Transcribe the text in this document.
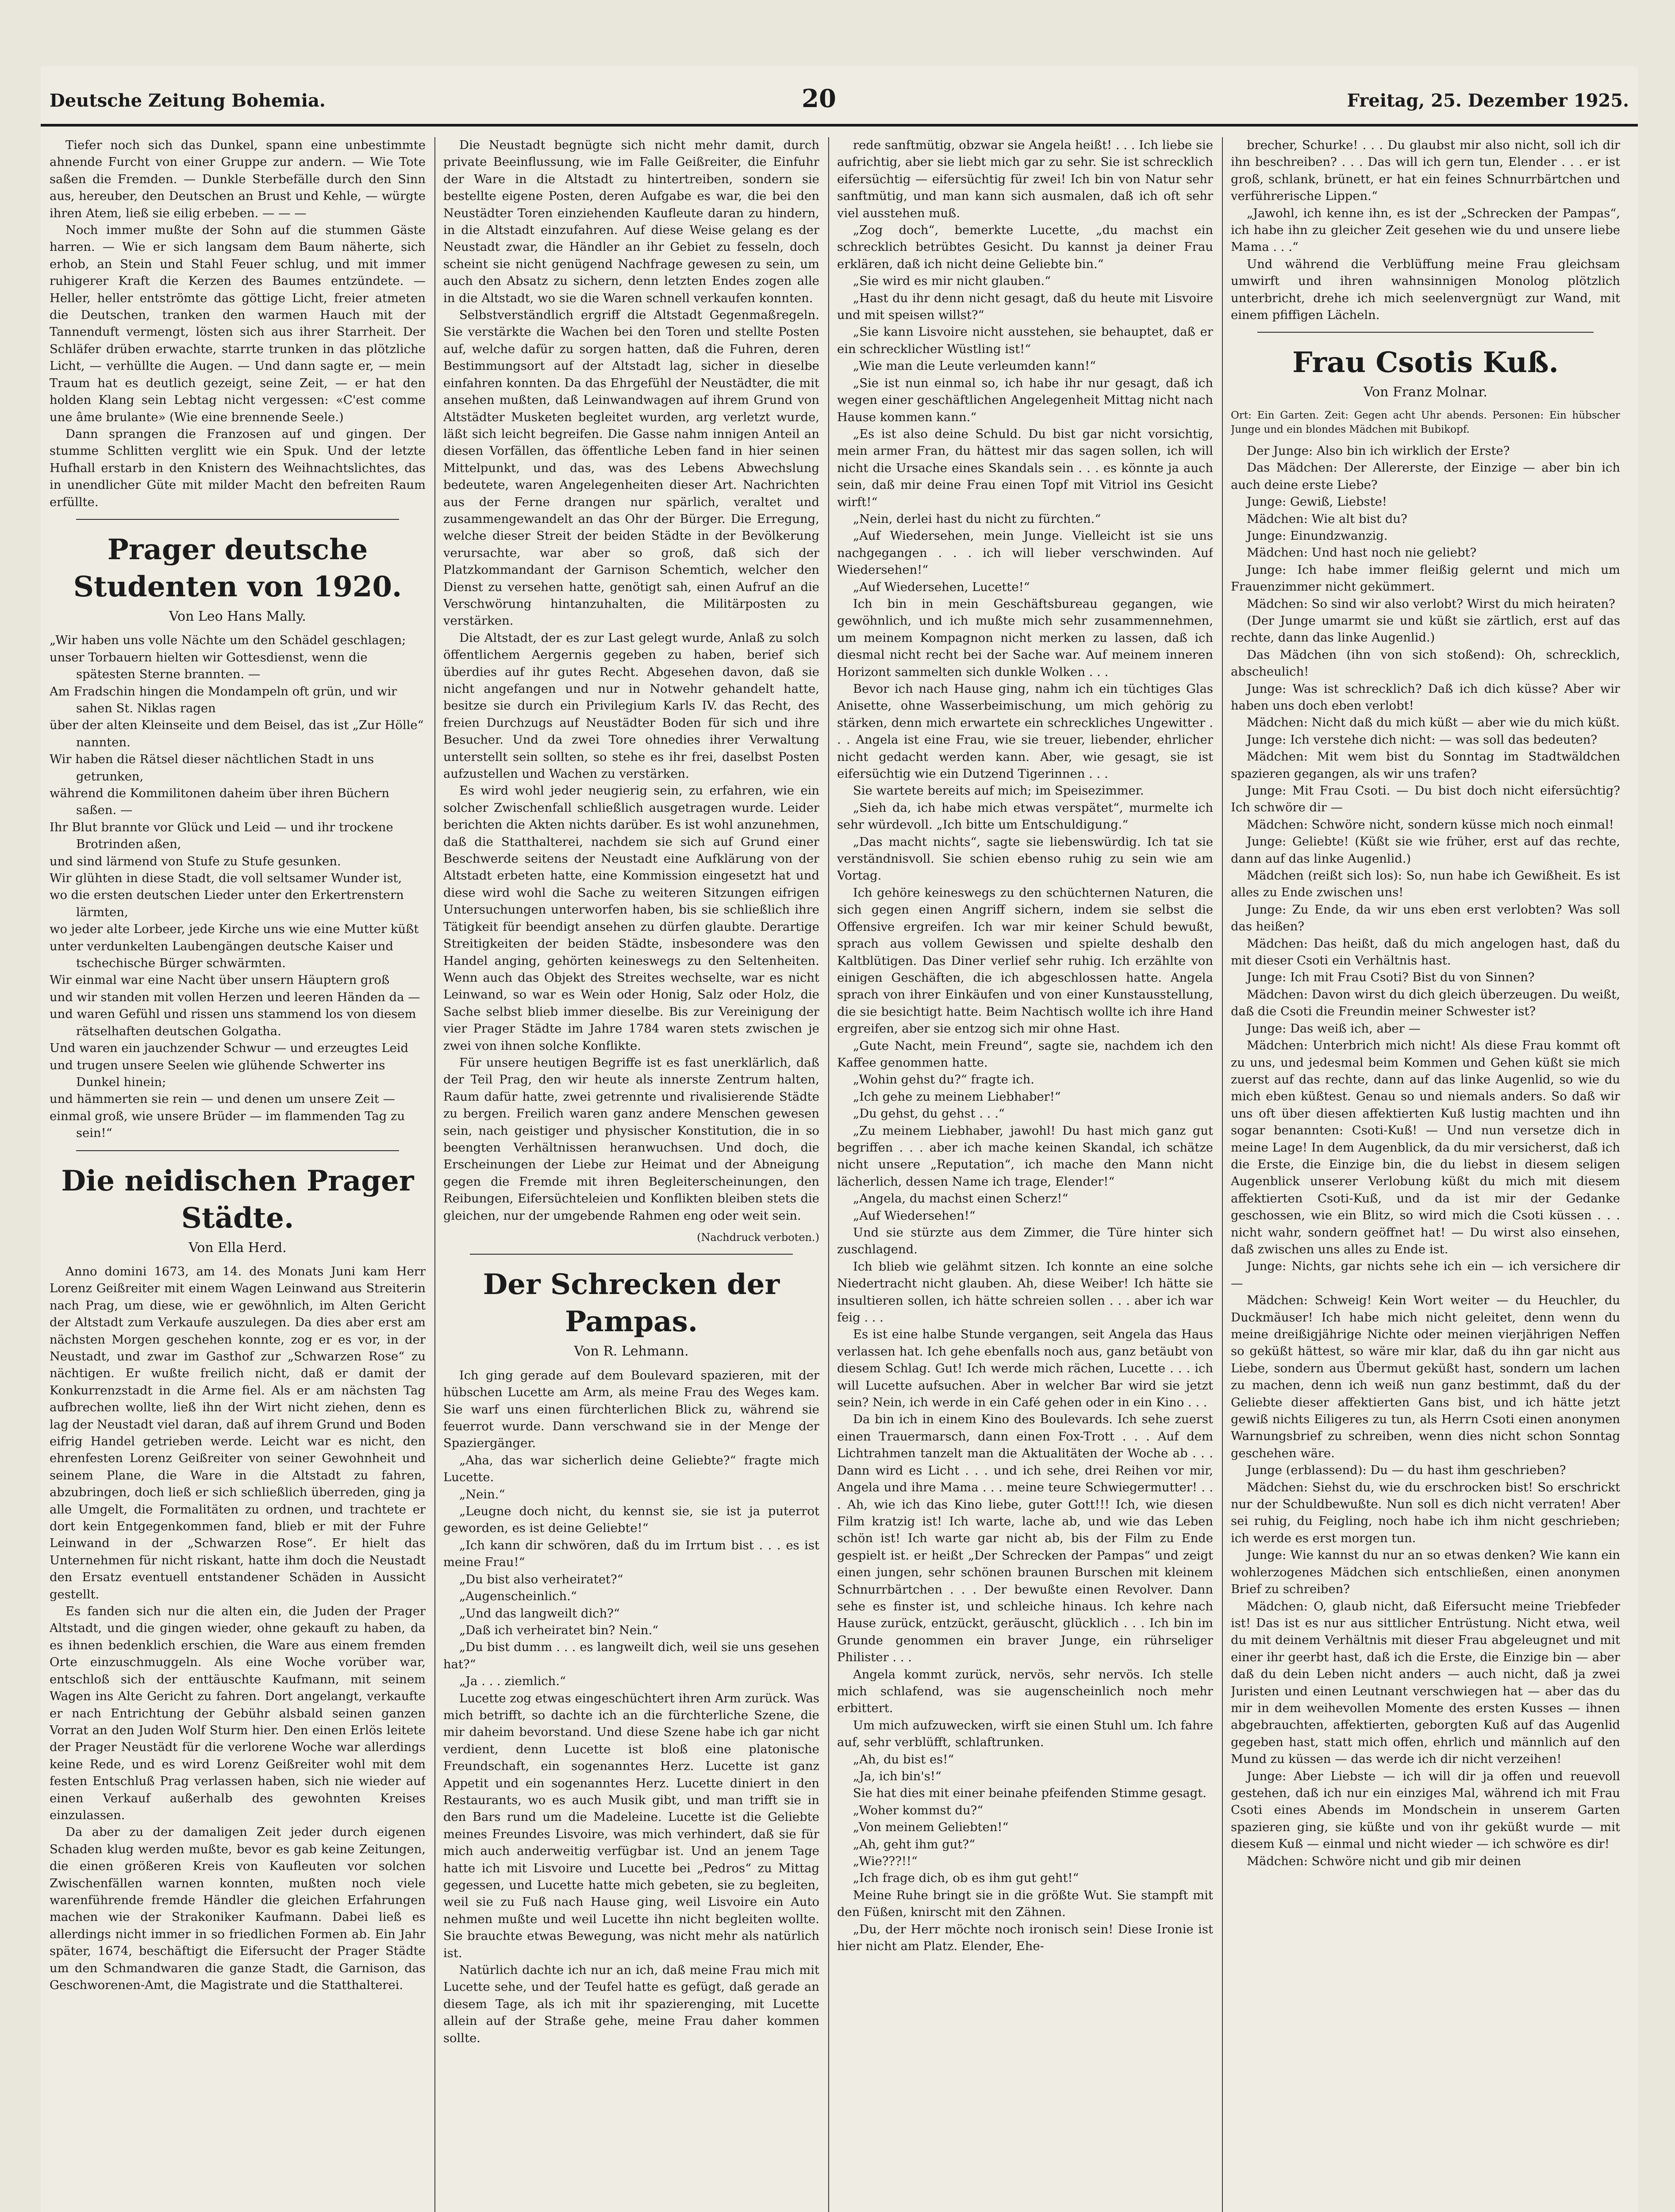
Deutsche Zeitung Bohemia.	20	Freitag, 25. Dezember 1925.

Tiefer noch sich das Dunkel, spann eine unbestimmte ahnende Furcht von einer Gruppe zur andern. — Wie Tote saßen die Fremden. — Dunkle Sterbefälle durch den Sinn aus, hereuber, den Deutschen an Brust und Kehle, — würgte ihren Atem, ließ sie eilig erbeben. — — —

Noch immer mußte der Sohn auf die stummen Gäste harren. — Wie er sich langsam dem Baum näherte, sich erhob, an Stein und Stahl Feuer schlug, und mit immer ruhigerer Kraft die Kerzen des Baumes entzündete. — Heller, heller entströmte das göttige Licht, freier atmeten die Deutschen, tranken den warmen Hauch mit der Tannenduft vermengt, lösten sich aus ihrer Starrheit. Der Schläfer drüben erwachte, starrte trunken in das plötzliche Licht, — verhüllte die Augen. — Und dann sagte er, — mein Traum hat es deutlich gezeigt, seine Zeit, — er hat den holden Klang sein Lebtag nicht vergessen: «C'est comme une âme brulante» (Wie eine brennende Seele.)

Dann sprangen die Franzosen auf und gingen. Der stumme Schlitten verglitt wie ein Spuk. Und der letzte Hufhall erstarb in den Knistern des Weihnachtslichtes, das in unendlicher Güte mit milder Macht den befreiten Raum erfüllte.

Prager deutsche Studenten von 1920.
Von Leo Hans Mally.

„Wir haben uns volle Nächte um den Schädel geschlagen;

unser Torbauern hielten wir Gottesdienst, wenn die spätesten Sterne brannten. —

Am Fradschin hingen die Mondampeln oft grün, und wir sahen St. Niklas ragen

über der alten Kleinseite und dem Beisel, das ist „Zur Hölle“ nannten.

Wir haben die Rätsel dieser nächtlichen Stadt in uns getrunken,

während die Kommilitonen daheim über ihren Büchern saßen. —

Ihr Blut brannte vor Glück und Leid — und ihr trockene Brotrinden aßen,

und sind lärmend von Stufe zu Stufe gesunken.

Wir glühten in diese Stadt, die voll seltsamer Wunder ist,

wo die ersten deutschen Lieder unter den Erkertrenstern lärmten,

wo jeder alte Lorbeer, jede Kirche uns wie eine Mutter küßt

unter verdunkelten Laubengängen deutsche Kaiser und tschechische Bürger schwärmten.

Wir einmal war eine Nacht über unsern Häuptern groß

und wir standen mit vollen Herzen und leeren Händen da —

und waren Gefühl und rissen uns stammend los von diesem rätselhaften deutschen Golgatha.

Und waren ein jauchzender Schwur — und erzeugtes Leid

und trugen unsere Seelen wie glühende Schwerter ins Dunkel hinein;

und hämmerten sie rein — und denen um unsere Zeit —

einmal groß, wie unsere Brüder — im flammenden Tag zu sein!“

Die neidischen Prager Städte.
Von Ella Herd.

Anno domini 1673, am 14. des Monats Juni kam Herr Lorenz Geißreiter mit einem Wagen Leinwand aus Streiterin nach Prag, um diese, wie er gewöhnlich, im Alten Gericht der Altstadt zum Verkaufe auszulegen. Da dies aber erst am nächsten Morgen geschehen konnte, zog er es vor, in der Neustadt, und zwar im Gasthof zur „Schwarzen Rose“ zu nächtigen. Er wußte freilich nicht, daß er damit der Konkurrenzstadt in die Arme fiel. Als er am nächsten Tag aufbrechen wollte, ließ ihn der Wirt nicht ziehen, denn es lag der Neustadt viel daran, daß auf ihrem Grund und Boden eifrig Handel getrieben werde. Leicht war es nicht, den ehrenfesten Lorenz Geißreiter von seiner Gewohnheit und seinem Plane, die Ware in die Altstadt zu fahren, abzubringen, doch ließ er sich schließlich überreden, ging ja alle Umgelt, die Formalitäten zu ordnen, und trachtete er dort kein Entgegenkommen fand, blieb er mit der Fuhre Leinwand in der „Schwarzen Rose“. Er hielt das Unternehmen für nicht riskant, hatte ihm doch die Neustadt den Ersatz eventuell entstandener Schäden in Aussicht gestellt.

Es fanden sich nur die alten ein, die Juden der Prager Altstadt, und die gingen wieder, ohne gekauft zu haben, da es ihnen bedenklich erschien, die Ware aus einem fremden Orte einzuschmuggeln. Als eine Woche vorüber war, entschloß sich der enttäuschte Kaufmann, mit seinem Wagen ins Alte Gericht zu fahren. Dort angelangt, verkaufte er nach Entrichtung der Gebühr alsbald seinen ganzen Vorrat an den Juden Wolf Sturm hier. Den einen Erlös leitete der Prager Neustädt für die verlorene Woche war allerdings keine Rede, und es wird Lorenz Geißreiter wohl mit dem festen Entschluß Prag verlassen haben, sich nie wieder auf einen Verkauf außerhalb des gewohnten Kreises einzulassen.

Da aber zu der damaligen Zeit jeder durch eigenen Schaden klug werden mußte, bevor es gab keine Zeitungen, die einen größeren Kreis von Kaufleuten vor solchen Zwischenfällen warnen konnten, mußten noch viele warenführende fremde Händler die gleichen Erfahrungen machen wie der Strakoniker Kaufmann. Dabei ließ es allerdings nicht immer in so friedlichen Formen ab. Ein Jahr später, 1674, beschäftigt die Eifersucht der Prager Städte um den Schmandwaren die ganze Stadt, die Garnison, das Geschworenen-Amt, die Magistrate und die Statthalterei.

Die Neustadt begnügte sich nicht mehr damit, durch private Beeinflussung, wie im Falle Geißreiter, die Einfuhr der Ware in die Altstadt zu hintertreiben, sondern sie bestellte eigene Posten, deren Aufgabe es war, die bei den Neustädter Toren einziehenden Kaufleute daran zu hindern, in die Altstadt einzufahren. Auf diese Weise gelang es der Neustadt zwar, die Händler an ihr Gebiet zu fesseln, doch scheint sie nicht genügend Nachfrage gewesen zu sein, um auch den Absatz zu sichern, denn letzten Endes zogen alle in die Altstadt, wo sie die Waren schnell verkaufen konnten.

Selbstverständlich ergriff die Altstadt Gegenmaßregeln. Sie verstärkte die Wachen bei den Toren und stellte Posten auf, welche dafür zu sorgen hatten, daß die Fuhren, deren Bestimmungsort auf der Altstadt lag, sicher in dieselbe einfahren konnten. Da das Ehrgefühl der Neustädter, die mit ansehen mußten, daß Leinwandwagen auf ihrem Grund von Altstädter Musketen begleitet wurden, arg verletzt wurde, läßt sich leicht begreifen. Die Gasse nahm innigen Anteil an diesen Vorfällen, das öffentliche Leben fand in hier seinen Mittelpunkt, und das, was des Lebens Abwechslung bedeutete, waren Angelegenheiten dieser Art. Nachrichten aus der Ferne drangen nur spärlich, veraltet und zusammengewandelt an das Ohr der Bürger. Die Erregung, welche dieser Streit der beiden Städte in der Bevölkerung verursachte, war aber so groß, daß sich der Platzkommandant der Garnison Schemtich, welcher den Dienst zu versehen hatte, genötigt sah, einen Aufruf an die Verschwörung hintanzuhalten, die Militärposten zu verstärken.

Die Altstadt, der es zur Last gelegt wurde, Anlaß zu solch öffentlichem Aergernis gegeben zu haben, berief sich überdies auf ihr gutes Recht. Abgesehen davon, daß sie nicht angefangen und nur in Notwehr gehandelt hatte, besitze sie durch ein Privilegium Karls IV. das Recht, des freien Durchzugs auf Neustädter Boden für sich und ihre Besucher. Und da zwei Tore ohnedies ihrer Verwaltung unterstellt sein sollten, so stehe es ihr frei, daselbst Posten aufzustellen und Wachen zu verstärken.

Es wird wohl jeder neugierig sein, zu erfahren, wie ein solcher Zwischenfall schließlich ausgetragen wurde. Leider berichten die Akten nichts darüber. Es ist wohl anzunehmen, daß die Statthalterei, nachdem sie sich auf Grund einer Beschwerde seitens der Neustadt eine Aufklärung von der Altstadt erbeten hatte, eine Kommission eingesetzt hat und diese wird wohl die Sache zu weiteren Sitzungen eifrigen Untersuchungen unterworfen haben, bis sie schließlich ihre Tätigkeit für beendigt ansehen zu dürfen glaubte. Derartige Streitigkeiten der beiden Städte, insbesondere was den Handel anging, gehörten keineswegs zu den Seltenheiten. Wenn auch das Objekt des Streites wechselte, war es nicht Leinwand, so war es Wein oder Honig, Salz oder Holz, die Sache selbst blieb immer dieselbe. Bis zur Vereinigung der vier Prager Städte im Jahre 1784 waren stets zwischen je zwei von ihnen solche Konflikte.

Für unsere heutigen Begriffe ist es fast unerklärlich, daß der Teil Prag, den wir heute als innerste Zentrum halten, Raum dafür hatte, zwei getrennte und rivalisierende Städte zu bergen. Freilich waren ganz andere Menschen gewesen sein, nach geistiger und physischer Konstitution, die in so beengten Verhältnissen heranwuchsen. Und doch, die Erscheinungen der Liebe zur Heimat und der Abneigung gegen die Fremde mit ihren Begleiterscheinungen, den Reibungen, Eifersüchteleien und Konflikten bleiben stets die gleichen, nur der umgebende Rahmen eng oder weit sein.

(Nachdruck verboten.)
Der Schrecken der Pampas.
Von R. Lehmann.

Ich ging gerade auf dem Boulevard spazieren, mit der hübschen Lucette am Arm, als meine Frau des Weges kam. Sie warf uns einen fürchterlichen Blick zu, während sie feuerrot wurde. Dann verschwand sie in der Menge der Spaziergänger.

„Aha, das war sicherlich deine Geliebte?“ fragte mich Lucette.

„Nein.“

„Leugne doch nicht, du kennst sie, sie ist ja puterrot geworden, es ist deine Geliebte!“

„Ich kann dir schwören, daß du im Irrtum bist . . . es ist meine Frau!“

„Du bist also verheiratet?“

„Augenscheinlich.“

„Und das langweilt dich?“

„Daß ich verheiratet bin? Nein.“

„Du bist dumm . . . es langweilt dich, weil sie uns gesehen hat?“

„Ja . . . ziemlich.“

Lucette zog etwas eingeschüchtert ihren Arm zurück. Was mich betrifft, so dachte ich an die fürchterliche Szene, die mir daheim bevorstand. Und diese Szene habe ich gar nicht verdient, denn Lucette ist bloß eine platonische Freundschaft, ein sogenanntes Herz. Lucette ist ganz Appetit und ein sogenanntes Herz. Lucette diniert in den Restaurants, wo es auch Musik gibt, und man trifft sie in den Bars rund um die Madeleine. Lucette ist die Geliebte meines Freundes Lisvoire, was mich verhindert, daß sie für mich auch anderweitig verfügbar ist. Und an jenem Tage hatte ich mit Lisvoire und Lucette bei „Pedros“ zu Mittag gegessen, und Lucette hatte mich gebeten, sie zu begleiten, weil sie zu Fuß nach Hause ging, weil Lisvoire ein Auto nehmen mußte und weil Lucette ihn nicht begleiten wollte. Sie brauchte etwas Bewegung, was nicht mehr als natürlich ist.

Natürlich dachte ich nur an ich, daß meine Frau mich mit Lucette sehe, und der Teufel hatte es gefügt, daß gerade an diesem Tage, als ich mit ihr spazierenging, mit Lucette allein auf der Straße gehe, meine Frau daher kommen sollte.

rede sanftmütig, obzwar sie Angela heißt! . . . Ich liebe sie aufrichtig, aber sie liebt mich gar zu sehr. Sie ist schrecklich eifersüchtig — eifersüchtig für zwei! Ich bin von Natur sehr sanftmütig, und man kann sich ausmalen, daß ich oft sehr viel ausstehen muß.

„Zog doch“, bemerkte Lucette, „du machst ein schrecklich betrübtes Gesicht. Du kannst ja deiner Frau erklären, daß ich nicht deine Geliebte bin.“

„Sie wird es mir nicht glauben.“

„Hast du ihr denn nicht gesagt, daß du heute mit Lisvoire und mit speisen willst?“

„Sie kann Lisvoire nicht ausstehen, sie behauptet, daß er ein schrecklicher Wüstling ist!“

„Wie man die Leute verleumden kann!“

„Sie ist nun einmal so, ich habe ihr nur gesagt, daß ich wegen einer geschäftlichen Angelegenheit Mittag nicht nach Hause kommen kann.“

„Es ist also deine Schuld. Du bist gar nicht vorsichtig, mein armer Fran, du hättest mir das sagen sollen, ich will nicht die Ursache eines Skandals sein . . . es könnte ja auch sein, daß mir deine Frau einen Topf mit Vitriol ins Gesicht wirft!“

„Nein, derlei hast du nicht zu fürchten.“

„Auf Wiedersehen, mein Junge. Vielleicht ist sie uns nachgegangen . . . ich will lieber verschwinden. Auf Wiedersehen!“

„Auf Wiedersehen, Lucette!“

Ich bin in mein Geschäftsbureau gegangen, wie gewöhnlich, und ich mußte mich sehr zusammennehmen, um meinem Kompagnon nicht merken zu lassen, daß ich diesmal nicht recht bei der Sache war. Auf meinem inneren Horizont sammelten sich dunkle Wolken . . .

Bevor ich nach Hause ging, nahm ich ein tüchtiges Glas Anisette, ohne Wasserbeimischung, um mich gehörig zu stärken, denn mich erwartete ein schreckliches Ungewitter . . . Angela ist eine Frau, wie sie treuer, liebender, ehrlicher nicht gedacht werden kann. Aber, wie gesagt, sie ist eifersüchtig wie ein Dutzend Tigerinnen . . .

Sie wartete bereits auf mich; im Speisezimmer.

„Sieh da, ich habe mich etwas verspätet“, murmelte ich sehr würdevoll. „Ich bitte um Entschuldigung.“

„Das macht nichts“, sagte sie liebenswürdig. Ich tat sie verständnisvoll. Sie schien ebenso ruhig zu sein wie am Vortag.

Ich gehöre keineswegs zu den schüchternen Naturen, die sich gegen einen Angriff sichern, indem sie selbst die Offensive ergreifen. Ich war mir keiner Schuld bewußt, sprach aus vollem Gewissen und spielte deshalb den Kaltblütigen. Das Diner verlief sehr ruhig. Ich erzählte von einigen Geschäften, die ich abgeschlossen hatte. Angela sprach von ihrer Einkäufen und von einer Kunstausstellung, die sie besichtigt hatte. Beim Nachtisch wollte ich ihre Hand ergreifen, aber sie entzog sich mir ohne Hast.

„Gute Nacht, mein Freund“, sagte sie, nachdem ich den Kaffee genommen hatte.

„Wohin gehst du?“ fragte ich.

„Ich gehe zu meinem Liebhaber!“

„Du gehst, du gehst . . .“

„Zu meinem Liebhaber, jawohl! Du hast mich ganz gut begriffen . . . aber ich mache keinen Skandal, ich schätze nicht unsere „Reputation“, ich mache den Mann nicht lächerlich, dessen Name ich trage, Elender!“

„Angela, du machst einen Scherz!“

„Auf Wiedersehen!“

Und sie stürzte aus dem Zimmer, die Türe hinter sich zuschlagend.

Ich blieb wie gelähmt sitzen. Ich konnte an eine solche Niedertracht nicht glauben. Ah, diese Weiber! Ich hätte sie insultieren sollen, ich hätte schreien sollen . . . aber ich war feig . . .

Es ist eine halbe Stunde vergangen, seit Angela das Haus verlassen hat. Ich gehe ebenfalls noch aus, ganz betäubt von diesem Schlag. Gut! Ich werde mich rächen, Lucette . . . ich will Lucette aufsuchen. Aber in welcher Bar wird sie jetzt sein? Nein, ich werde in ein Café gehen oder in ein Kino . . .

Da bin ich in einem Kino des Boulevards. Ich sehe zuerst einen Trauermarsch, dann einen Fox-Trott . . . Auf dem Lichtrahmen tanzelt man die Aktualitäten der Woche ab . . . Dann wird es Licht . . . und ich sehe, drei Reihen vor mir, Angela und ihre Mama . . . meine teure Schwiegermutter! . . . Ah, wie ich das Kino liebe, guter Gott!!! Ich, wie diesen Film kratzig ist! Ich warte, lache ab, und wie das Leben schön ist! Ich warte gar nicht ab, bis der Film zu Ende gespielt ist. er heißt „Der Schrecken der Pampas“ und zeigt einen jungen, sehr schönen braunen Burschen mit kleinem Schnurrbärtchen . . . Der bewußte einen Revolver. Dann sehe es finster ist, und schleiche hinaus. Ich kehre nach Hause zurück, entzückt, geräuscht, glücklich . . . Ich bin im Grunde genommen ein braver Junge, ein rührseliger Philister . . .

Angela kommt zurück, nervös, sehr nervös. Ich stelle mich schlafend, was sie augenscheinlich noch mehr erbittert.

Um mich aufzuwecken, wirft sie einen Stuhl um. Ich fahre auf, sehr verblüfft, schlaftrunken.

„Ah, du bist es!“

„Ja, ich bin's!“

Sie hat dies mit einer beinahe pfeifenden Stimme gesagt.

„Woher kommst du?“

„Von meinem Geliebten!“

„Ah, geht ihm gut?“

„Wie???!!“

„Ich frage dich, ob es ihm gut geht!“

Meine Ruhe bringt sie in die größte Wut. Sie stampft mit den Füßen, knirscht mit den Zähnen.

„Du, der Herr möchte noch ironisch sein! Diese Ironie ist hier nicht am Platz. Elender, Ehe-

brecher, Schurke! . . . Du glaubst mir also nicht, soll ich dir ihn beschreiben? . . . Das will ich gern tun, Elender . . . er ist groß, schlank, brünett, er hat ein feines Schnurrbärtchen und verführerische Lippen.“

„Jawohl, ich kenne ihn, es ist der „Schrecken der Pampas“, ich habe ihn zu gleicher Zeit gesehen wie du und unsere liebe Mama . . .“

Und während die Verblüffung meine Frau gleichsam umwirft und ihren wahnsinnigen Monolog plötzlich unterbricht, drehe ich mich seelenvergnügt zur Wand, mit einem pfiffigen Lächeln.

Frau Csotis Kuß.
Von Franz Molnar.

Ort: Ein Garten. Zeit: Gegen acht Uhr abends. Personen: Ein hübscher Junge und ein blondes Mädchen mit Bubikopf.

Der Junge: Also bin ich wirklich der Erste?

Das Mädchen: Der Allererste, der Einzige — aber bin ich auch deine erste Liebe?

Junge: Gewiß, Liebste!

Mädchen: Wie alt bist du?

Junge: Einundzwanzig.

Mädchen: Und hast noch nie geliebt?

Junge: Ich habe immer fleißig gelernt und mich um Frauenzimmer nicht gekümmert.

Mädchen: So sind wir also verlobt? Wirst du mich heiraten?

(Der Junge umarmt sie und küßt sie zärtlich, erst auf das rechte, dann das linke Augenlid.)

Das Mädchen (ihn von sich stoßend): Oh, schrecklich, abscheulich!

Junge: Was ist schrecklich? Daß ich dich küsse? Aber wir haben uns doch eben verlobt!

Mädchen: Nicht daß du mich küßt — aber wie du mich küßt.

Junge: Ich verstehe dich nicht: — was soll das bedeuten?

Mädchen: Mit wem bist du Sonntag im Stadtwäldchen spazieren gegangen, als wir uns trafen?

Junge: Mit Frau Csoti. — Du bist doch nicht eifersüchtig? Ich schwöre dir —

Mädchen: Schwöre nicht, sondern küsse mich noch einmal!

Junge: Geliebte! (Küßt sie wie früher, erst auf das rechte, dann auf das linke Augenlid.)

Mädchen (reißt sich los): So, nun habe ich Gewißheit. Es ist alles zu Ende zwischen uns!

Junge: Zu Ende, da wir uns eben erst verlobten? Was soll das heißen?

Mädchen: Das heißt, daß du mich angelogen hast, daß du mit dieser Csoti ein Verhältnis hast.

Junge: Ich mit Frau Csoti? Bist du von Sinnen?

Mädchen: Davon wirst du dich gleich überzeugen. Du weißt, daß die Csoti die Freundin meiner Schwester ist?

Junge: Das weiß ich, aber —

Mädchen: Unterbrich mich nicht! Als diese Frau kommt oft zu uns, und jedesmal beim Kommen und Gehen küßt sie mich zuerst auf das rechte, dann auf das linke Augenlid, so wie du mich eben küßtest. Genau so und niemals anders. So daß wir uns oft über diesen affektierten Kuß lustig machten und ihn sogar benannten: Csoti-Kuß! — Und nun versetze dich in meine Lage! In dem Augenblick, da du mir versicherst, daß ich die Erste, die Einzige bin, die du liebst in diesem seligen Augenblick unserer Verlobung küßt du mich mit diesem affektierten Csoti-Kuß, und da ist mir der Gedanke geschossen, wie ein Blitz, so wird mich die Csoti küssen . . . nicht wahr, sondern geöffnet hat! — Du wirst also einsehen, daß zwischen uns alles zu Ende ist.

Junge: Nichts, gar nichts sehe ich ein — ich versichere dir —

Mädchen: Schweig! Kein Wort weiter — du Heuchler, du Duckmäuser! Ich habe mich nicht geleitet, denn wenn du meine dreißigjährige Nichte oder meinen vierjährigen Neffen so geküßt hättest, so wäre mir klar, daß du ihn gar nicht aus Liebe, sondern aus Übermut geküßt hast, sondern um lachen zu machen, denn ich weiß nun ganz bestimmt, daß du der Geliebte dieser affektierten Gans bist, und ich hätte jetzt gewiß nichts Eiligeres zu tun, als Herrn Csoti einen anonymen Warnungsbrief zu schreiben, wenn dies nicht schon Sonntag geschehen wäre.

Junge (erblassend): Du — du hast ihm geschrieben?

Mädchen: Siehst du, wie du erschrocken bist! So erschrickt nur der Schuldbewußte. Nun soll es dich nicht verraten! Aber sei ruhig, du Feigling, noch habe ich ihm nicht geschrieben; ich werde es erst morgen tun.

Junge: Wie kannst du nur an so etwas denken? Wie kann ein wohlerzogenes Mädchen sich entschließen, einen anonymen Brief zu schreiben?

Mädchen: O, glaub nicht, daß Eifersucht meine Triebfeder ist! Das ist es nur aus sittlicher Entrüstung. Nicht etwa, weil du mit deinem Verhältnis mit dieser Frau abgeleugnet und mit einer ihr geerbt hast, daß ich die Erste, die Einzige bin — aber daß du dein Leben nicht anders — auch nicht, daß ja zwei Juristen und einen Leutnant verschwiegen hat — aber das du mir in dem weihevollen Momente des ersten Kusses — ihnen abgebrauchten, affektierten, geborgten Kuß auf das Augenlid gegeben hast, statt mich offen, ehrlich und männlich auf den Mund zu küssen — das werde ich dir nicht verzeihen!

Junge: Aber Liebste — ich will dir ja offen und reuevoll gestehen, daß ich nur ein einziges Mal, während ich mit Frau Csoti eines Abends im Mondschein in unserem Garten spazieren ging, sie küßte und von ihr geküßt wurde — mit diesem Kuß — einmal und nicht wieder — ich schwöre es dir!

Mädchen: Schwöre nicht und gib mir deinen
